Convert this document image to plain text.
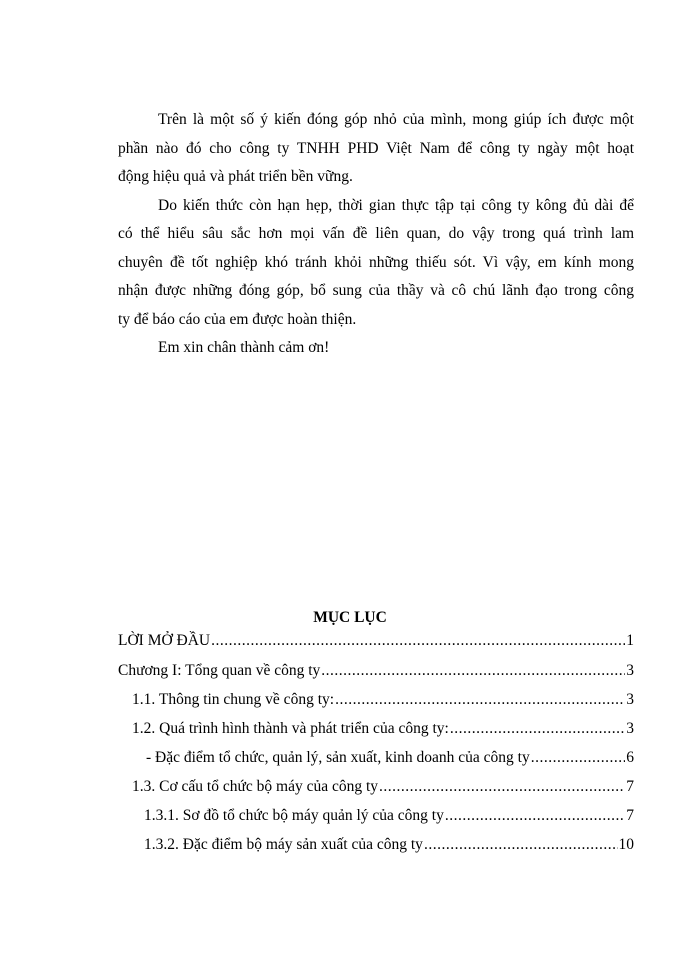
Trên là một số ý kiến đóng góp nhỏ của mình, mong giúp ích được một
phần nào đó cho công ty TNHH PHD Việt Nam để công ty ngày một hoạt
động hiệu quả và phát triển bền vững.
Do kiến thức còn hạn hẹp, thời gian thực tập tại công ty kông đủ dài để
có thể hiểu sâu sắc hơn mọi vấn đề liên quan, do vậy trong quá trình lam
chuyên đề tốt nghiệp khó tránh khỏi những thiếu sót. Vì vậy, em kính mong
nhận được những đóng góp, bổ sung của thầy và cô chú lãnh đạo trong công
ty để báo cáo của em được hoàn thiện.
Em xin chân thành cảm ơn!
MỤC LỤC
LỜI MỞ ĐẦU .....	1
Chương I: Tổng quan về công ty .....	3
1.1. Thông tin chung về công ty: .....	3
1.2. Quá trình hình thành và phát triển của công ty: .....	3
- Đặc điểm tổ chức, quản lý, sản xuất, kinh doanh của công ty .....	6
1.3. Cơ cấu tổ chức bộ máy của công ty .....	7
1.3.1. Sơ đồ tổ chức bộ máy quản lý của công ty .....	7
1.3.2. Đặc điểm bộ máy sản xuất của công ty .....	10
